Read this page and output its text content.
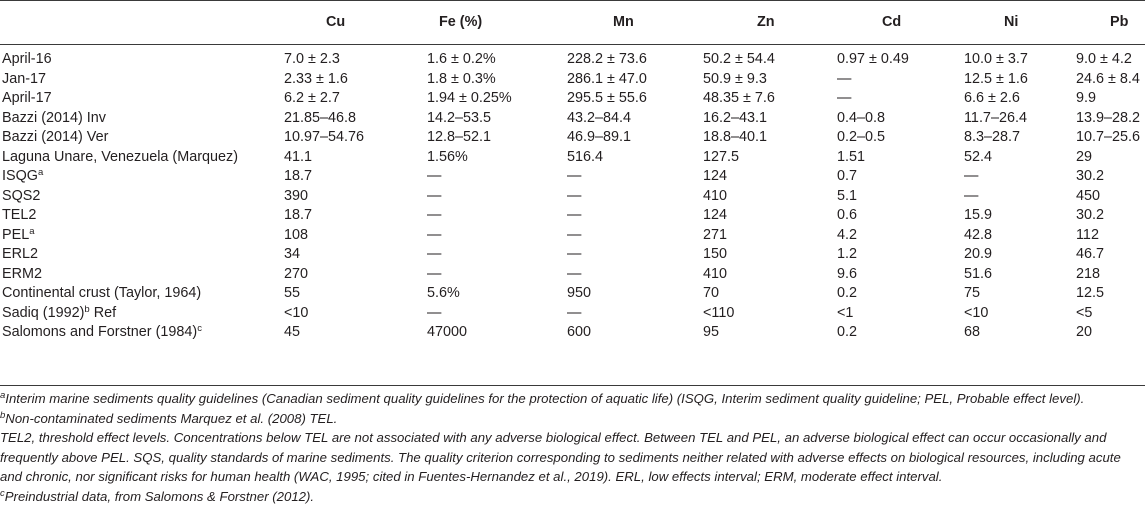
	Cu	Fe (%)	Mn	Zn	Cd	Ni	Pb
April-16	7.0 ± 2.3	1.6 ± 0.2%	228.2 ± 73.6	50.2 ± 54.4	0.97 ± 0.49	10.0 ± 3.7	9.0 ± 4.2
Jan-17	2.33 ± 1.6	1.8 ± 0.3%	286.1 ± 47.0	50.9 ± 9.3	—	12.5 ± 1.6	24.6 ± 8.4
April-17	6.2 ± 2.7	1.94 ± 0.25%	295.5 ± 55.6	48.35 ± 7.6	—	6.6 ± 2.6	9.9
Bazzi (2014) Inv	21.85–46.8	14.2–53.5	43.2–84.4	16.2–43.1	0.4–0.8	11.7–26.4	13.9–28.2
Bazzi (2014) Ver	10.97–54.76	12.8–52.1	46.9–89.1	18.8–40.1	0.2–0.5	8.3–28.7	10.7–25.6
Laguna Unare, Venezuela (Marquez)	41.1	1.56%	516.4	127.5	1.51	52.4	29
ISQG$^a$	18.7	—	—	124	0.7	—	30.2
SQS2	390	—	—	410	5.1	—	450
TEL2	18.7	—	—	124	0.6	15.9	30.2
PEL$^a$	108	—	—	271	4.2	42.8	112
ERL2	34	—	—	150	1.2	20.9	46.7
ERM2	270	—	—	410	9.6	51.6	218
Continental crust (Taylor, 1964)	55	5.6%	950	70	0.2	75	12.5
Sadiq $(1992)^b$ Ref	<10	—	—	<110	<1	<10	<5
Salomons and Forstner $(1984)^c$	45	47000	600	95	0.2	68	20

$^a$Interim marine sediments quality guidelines (Canadian sediment quality guidelines for the protection of aquatic life) (ISQG, Interim sediment quality guideline; PEL, Probable effect level).

$^b$Non-contaminated sediments Marquez et al. (2008) TEL.

TEL2, threshold effect levels. Concentrations below TEL are not associated with any adverse biological effect. Between TEL and PEL, an adverse biological effect can occur occasionally and frequently above PEL. SQS, quality standards of marine sediments. The quality criterion corresponding to sediments neither related with adverse effects on biological resources, including acute and chronic, nor significant risks for human health (WAC, 1995; cited in Fuentes-Hernandez et al., 2019). ERL, low effects interval; ERM, moderate effect interval.

$^c$Preindustrial data, from Salomons & Forstner (2012).
